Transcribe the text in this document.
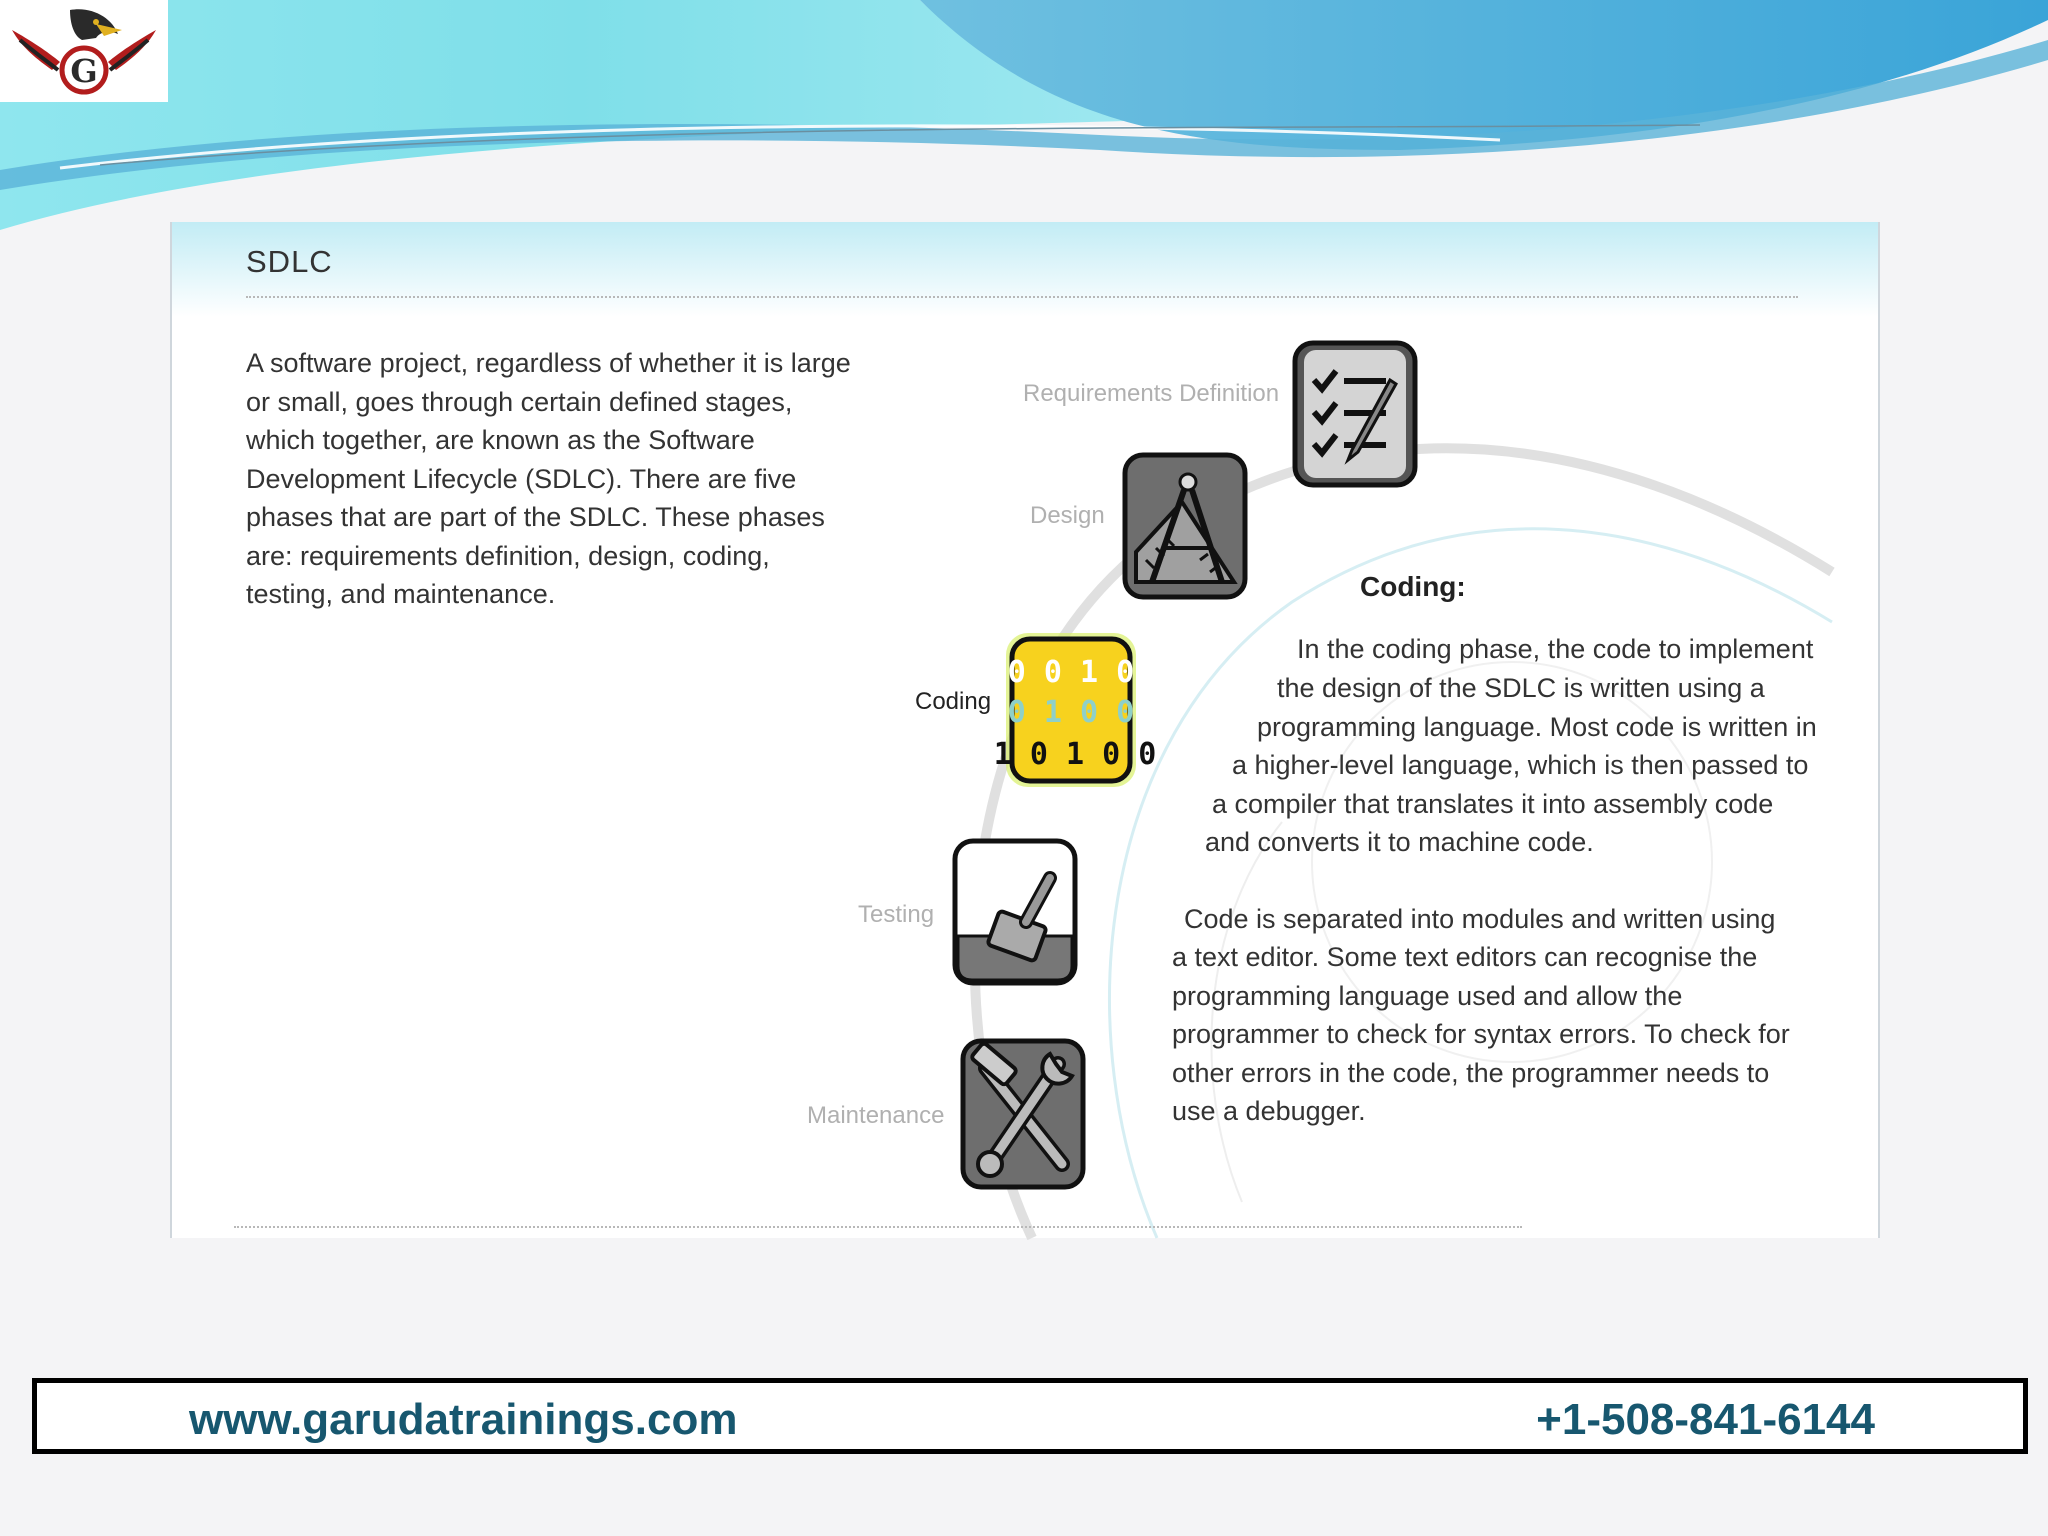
G
SDLC
A software project, regardless of whether it is large or small, goes through certain defined stages, which together, are known as the Software Development Lifecycle (SDLC). There are five phases that are part of the SDLC. These phases are: requirements definition, design, coding, testing, and maintenance.
Requirements Definition
Design
Coding
0 0 1 0
0 1 0 0
1 0 1 0 0
Testing
Maintenance
Coding:
In the coding phase, the code to implement
the design of the SDLC is written using a
programming language. Most code is written in
a higher-level language, which is then passed to
a compiler that translates it into assembly code
and converts it to machine code.
Code is separated into modules and written using
a text editor. Some text editors can recognise the
programming language used and allow the
programmer to check for syntax errors. To check for
other errors in the code, the programmer needs to
use a debugger.
www.garudatrainings.com	+1-508-841-6144
